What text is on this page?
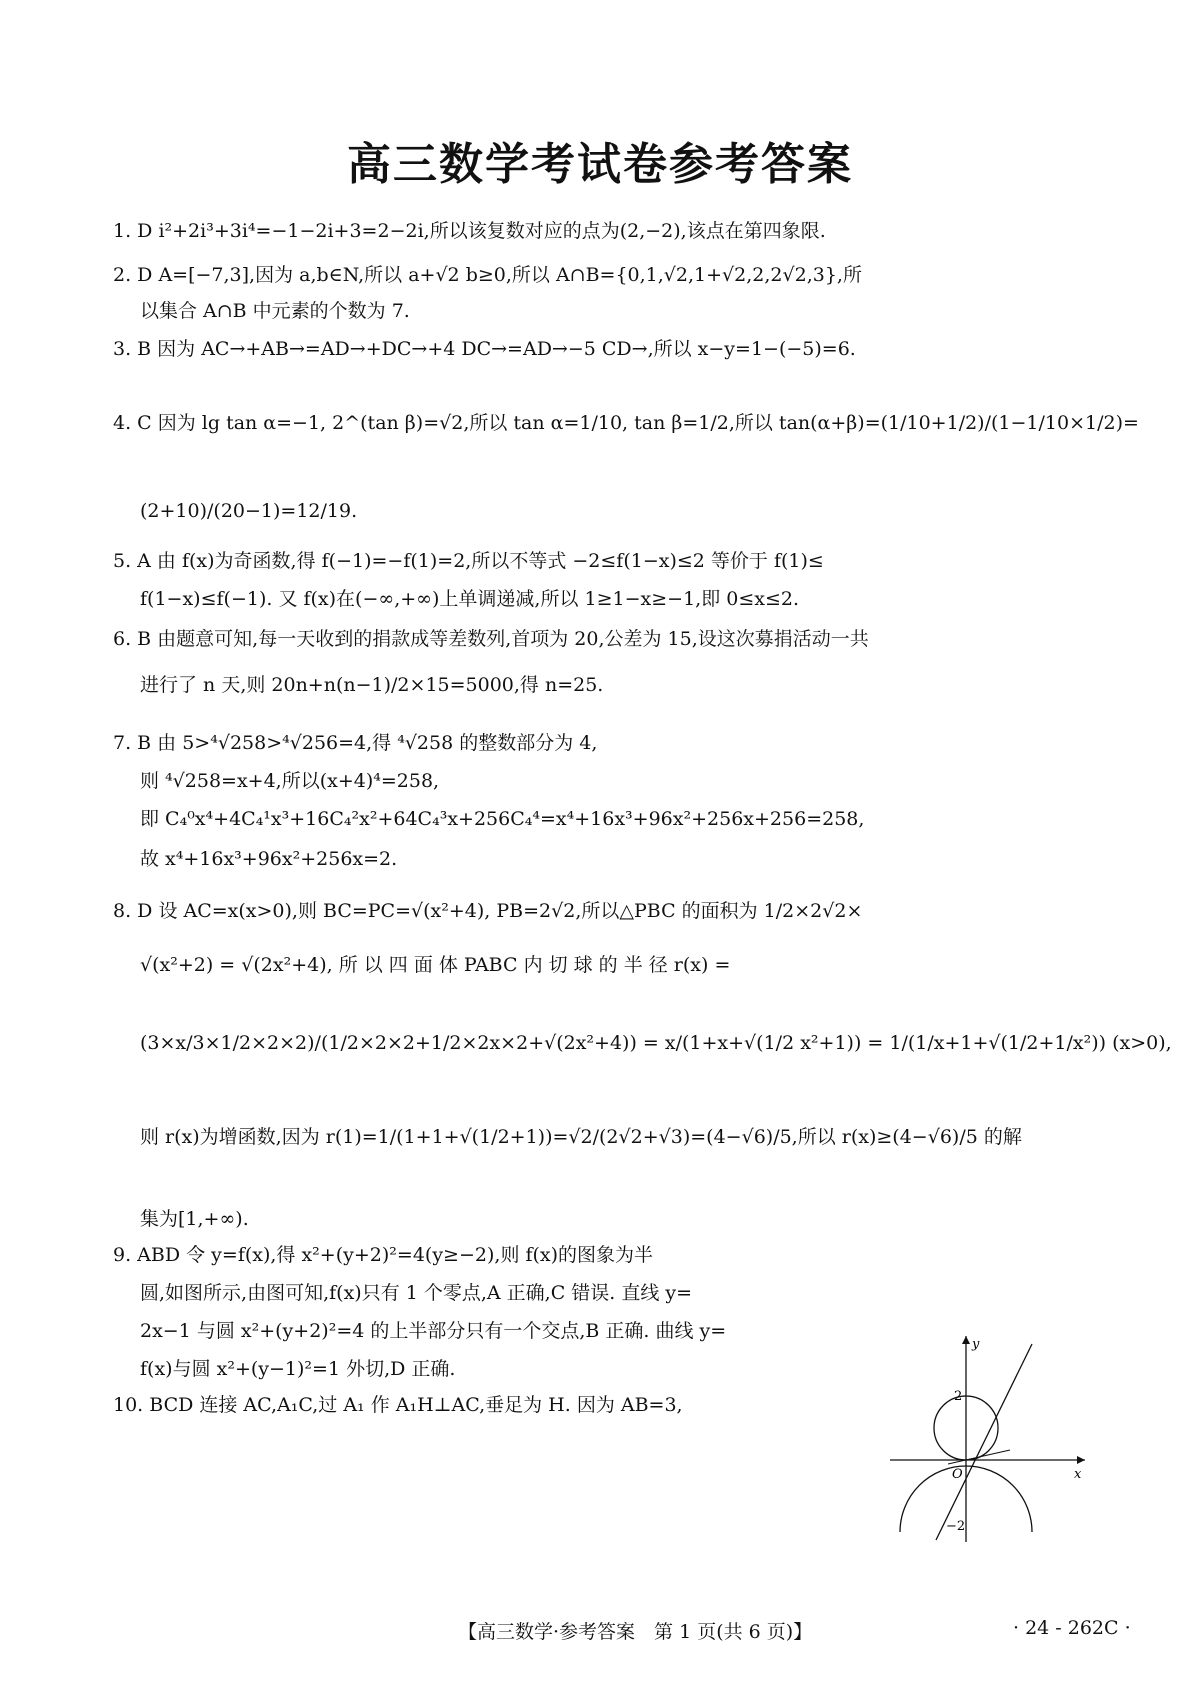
高三数学考试卷参考答案
1. D i²+2i³+3i⁴=−1−2i+3=2−2i,所以该复数对应的点为(2,−2),该点在第四象限.
2. D A=[−7,3],因为 a,b∈N,所以 a+√2 b≥0,所以 A∩B={0,1,√2,1+√2,2,2√2,3},所
以集合 A∩B 中元素的个数为 7.
3. B 因为 AC→+AB→=AD→+DC→+4 DC→=AD→−5 CD→,所以 x−y=1−(−5)=6.
4. C 因为 lg tan α=−1, 2^(tan β)=√2,所以 tan α=1/10, tan β=1/2,所以 tan(α+β)=(1/10+1/2)/(1−1/10×1/2)=
(2+10)/(20−1)=12/19.
5. A 由 f(x)为奇函数,得 f(−1)=−f(1)=2,所以不等式 −2≤f(1−x)≤2 等价于 f(1)≤
f(1−x)≤f(−1). 又 f(x)在(−∞,+∞)上单调递减,所以 1≥1−x≥−1,即 0≤x≤2.
6. B 由题意可知,每一天收到的捐款成等差数列,首项为 20,公差为 15,设这次募捐活动一共
进行了 n 天,则 20n+n(n−1)/2×15=5000,得 n=25.
7. B 由 5>⁴√258>⁴√256=4,得 ⁴√258 的整数部分为 4,
则 ⁴√258=x+4,所以(x+4)⁴=258,
即 C₄⁰x⁴+4C₄¹x³+16C₄²x²+64C₄³x+256C₄⁴=x⁴+16x³+96x²+256x+256=258,
故 x⁴+16x³+96x²+256x=2.
8. D 设 AC=x(x>0),则 BC=PC=√(x²+4), PB=2√2,所以△PBC 的面积为 1/2×2√2×
√(x²+2) = √(2x²+4), 所 以 四 面 体 PABC 内 切 球 的 半 径 r(x) =
(3×x/3×1/2×2×2)/(1/2×2×2+1/2×2x×2+√(2x²+4)) = x/(1+x+√(1/2 x²+1)) = 1/(1/x+1+√(1/2+1/x²)) (x>0),
则 r(x)为增函数,因为 r(1)=1/(1+1+√(1/2+1))=√2/(2√2+√3)=(4−√6)/5,所以 r(x)≥(4−√6)/5 的解
集为[1,+∞).
9. ABD 令 y=f(x),得 x²+(y+2)²=4(y≥−2),则 f(x)的图象为半
圆,如图所示,由图可知,f(x)只有 1 个零点,A 正确,C 错误. 直线 y=
2x−1 与圆 x²+(y+2)²=4 的上半部分只有一个交点,B 正确. 曲线 y=
f(x)与圆 x²+(y−1)²=1 外切,D 正确.
10. BCD 连接 AC,A₁C,过 A₁ 作 A₁H⊥AC,垂足为 H. 因为 AB=3,
x
y
O
2
−2
【高三数学·参考答案　第 1 页(共 6 页)】	· 24 - 262C ·
